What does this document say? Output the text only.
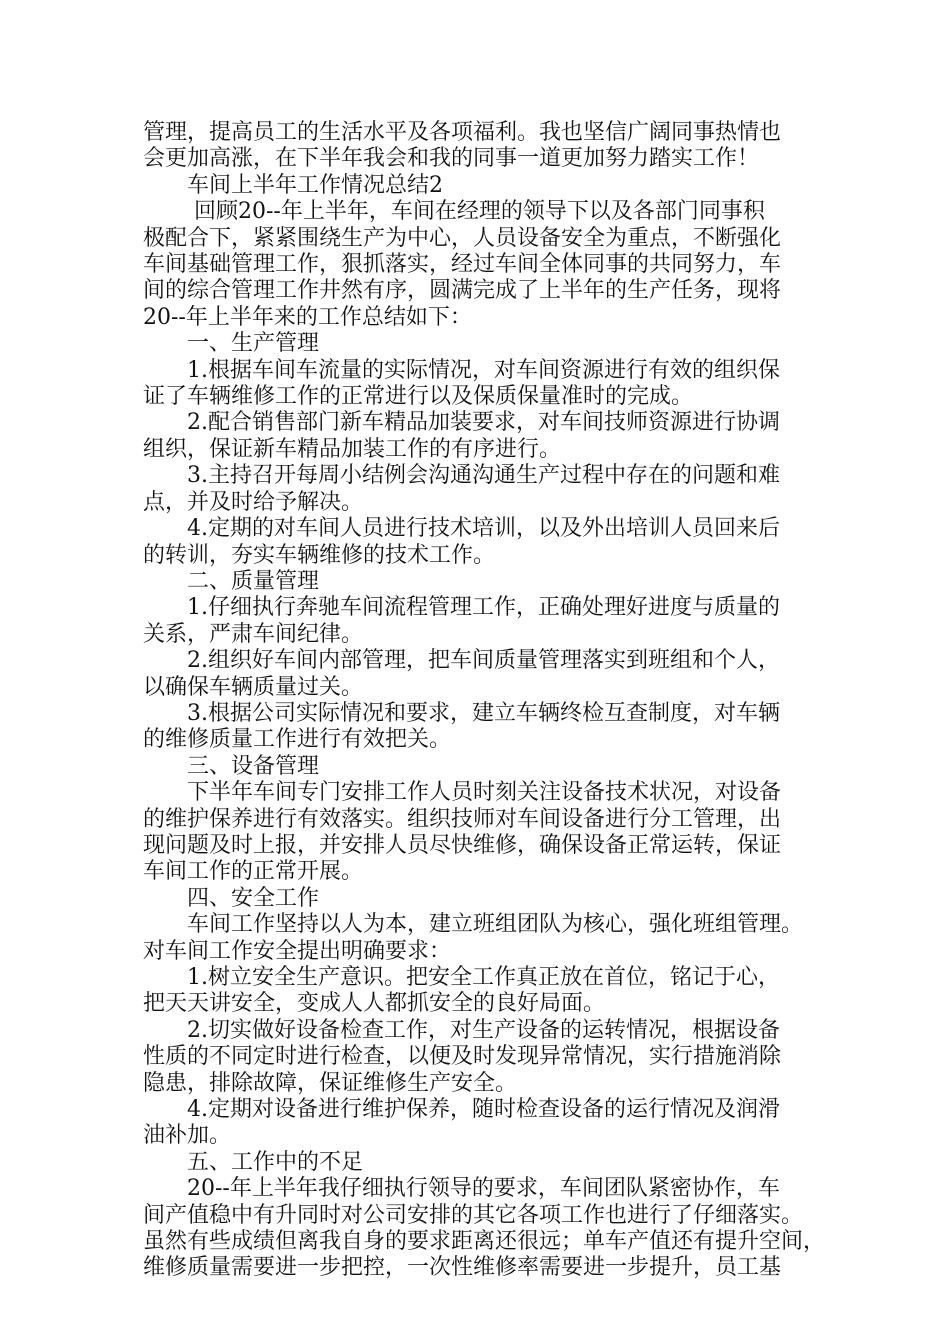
管理，提高员工的生活水平及各项福利。我也坚信广阔同事热情也

会更加高涨，在下半年我会和我的同事一道更加努力踏实工作！

　　车间上半年工作情况总结2

　　 回顾20--年上半年，车间在经理的领导下以及各部门同事积

极配合下，紧紧围绕生产为中心，人员设备安全为重点，不断强化

车间基础管理工作，狠抓落实，经过车间全体同事的共同努力，车

间的综合管理工作井然有序，圆满完成了上半年的生产任务，现将

20--年上半年来的工作总结如下：

　　一、生产管理

　　1.根据车间车流量的实际情况，对车间资源进行有效的组织保

证了车辆维修工作的正常进行以及保质保量准时的完成。

　　2.配合销售部门新车精品加装要求，对车间技师资源进行协调

组织，保证新车精品加装工作的有序进行。

　　3.主持召开每周小结例会沟通沟通生产过程中存在的问题和难

点，并及时给予解决。

　　4.定期的对车间人员进行技术培训，以及外出培训人员回来后

的转训，夯实车辆维修的技术工作。

　　二、质量管理

　　1.仔细执行奔驰车间流程管理工作，正确处理好进度与质量的

关系，严肃车间纪律。

　　2.组织好车间内部管理，把车间质量管理落实到班组和个人，

以确保车辆质量过关。

　　3.根据公司实际情况和要求，建立车辆终检互查制度，对车辆

的维修质量工作进行有效把关。

　　三、设备管理

　　下半年车间专门安排工作人员时刻关注设备技术状况，对设备

的维护保养进行有效落实。组织技师对车间设备进行分工管理，出

现问题及时上报，并安排人员尽快维修，确保设备正常运转，保证

车间工作的正常开展。

　　四、安全工作

　　车间工作坚持以人为本，建立班组团队为核心，强化班组管理。

对车间工作安全提出明确要求：

　　1.树立安全生产意识。把安全工作真正放在首位，铭记于心，

把天天讲安全，变成人人都抓安全的良好局面。

　　2.切实做好设备检查工作，对生产设备的运转情况，根据设备

性质的不同定时进行检查，以便及时发现异常情况，实行措施消除

隐患，排除故障，保证维修生产安全。

　　4.定期对设备进行维护保养，随时检查设备的运行情况及润滑

油补加。

　　五、工作中的不足

　　20--年上半年我仔细执行领导的要求，车间团队紧密协作，车

间产值稳中有升同时对公司安排的其它各项工作也进行了仔细落实。

虽然有些成绩但离我自身的要求距离还很远；单车产值还有提升空间，

维修质量需要进一步把控，一次性维修率需要进一步提升，员工基
